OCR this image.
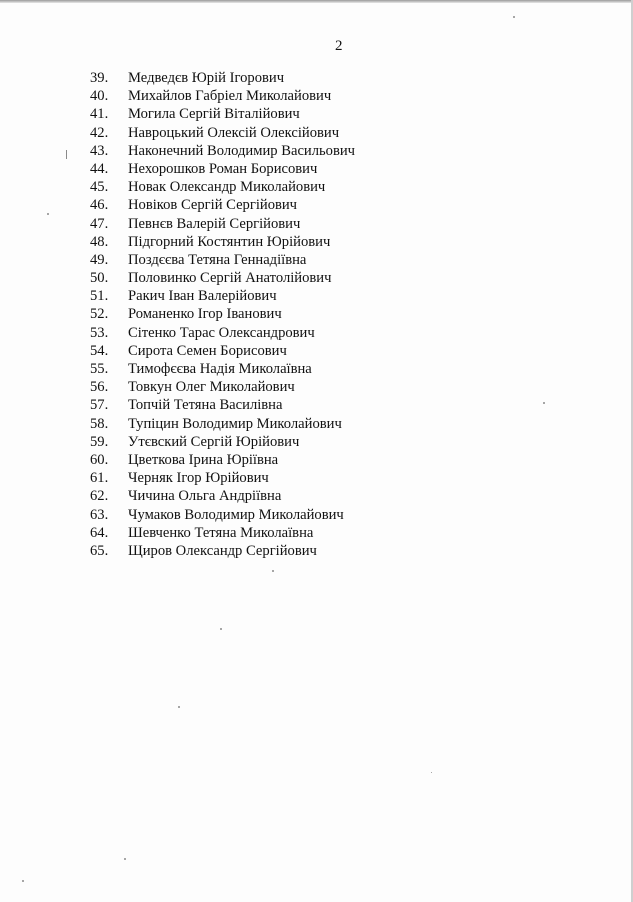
2
39.	Медведєв Юрій Ігорович
40.	Михайлов Габріел Миколайович
41.	Могила Сергій Віталійович
42.	Навроцький Олексій Олексійович
43.	Наконечний Володимир Васильович
44.	Нехорошков Роман Борисович
45.	Новак Олександр Миколайович
46.	Новіков Сергій Сергійович
47.	Певнєв Валерій Сергійович
48.	Підгорний Костянтин Юрійович
49.	Поздєєва Тетяна Геннадіївна
50.	Половинко Сергій Анатолійович
51.	Ракич Іван Валерійович
52.	Романенко Ігор Іванович
53.	Сітенко Тарас Олександрович
54.	Сирота Семен Борисович
55.	Тимофєєва Надія Миколаївна
56.	Товкун Олег Миколайович
57.	Топчій Тетяна Василівна
58.	Тупіцин Володимир Миколайович
59.	Утєвский Сергій Юрійович
60.	Цветкова Ірина Юріївна
61.	Черняк Ігор Юрійович
62.	Чичина Ольга Андріївна
63.	Чумаков Володимир Миколайович
64.	Шевченко Тетяна Миколаївна
65.	Щиров Олександр Сергійович
